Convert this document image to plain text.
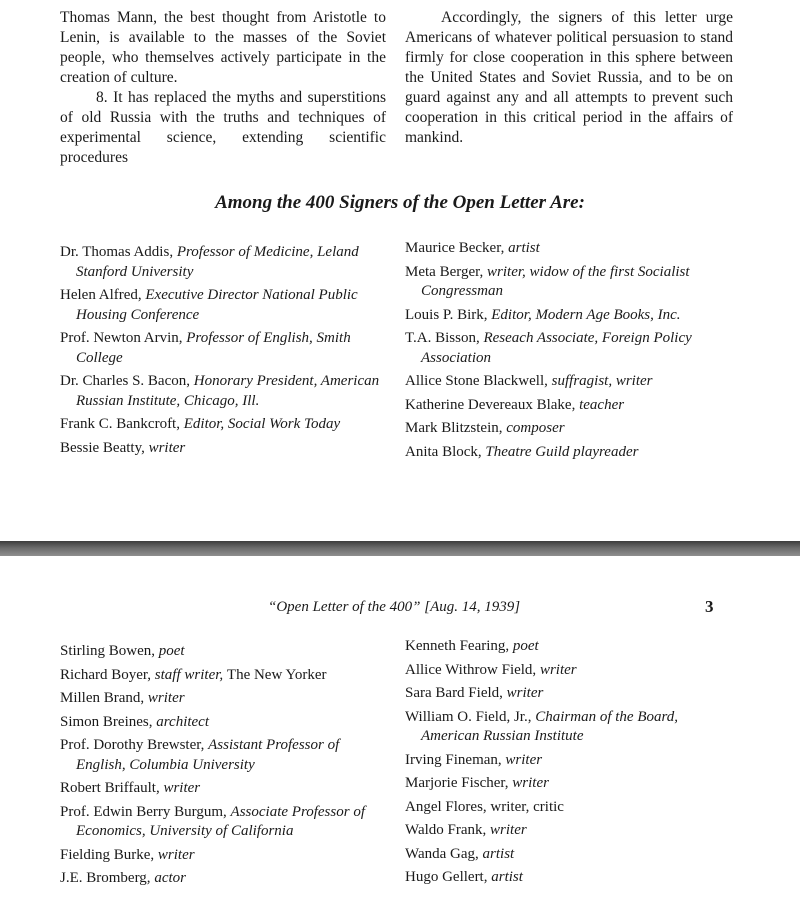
Thomas Mann, the best thought from Aristotle to Lenin, is available to the masses of the Soviet people, who themselves actively participate in the creation of culture.

8. It has replaced the myths and superstitions of old Russia with the truths and techniques of experimental science, extending scientific procedures

Accordingly, the signers of this letter urge Americans of whatever political persuasion to stand firmly for close cooperation in this sphere between the United States and Soviet Russia, and to be on guard against any and all attempts to prevent such cooperation in this critical period in the affairs of mankind.

Among the 400 Signers of the Open Letter Are:

Dr. Thomas Addis, Professor of Medicine, Leland Stanford University

Helen Alfred, Executive Director National Public Housing Conference

Prof. Newton Arvin, Professor of English, Smith College

Dr. Charles S. Bacon, Honorary President, American Russian Institute, Chicago, Ill.

Frank C. Bankcroft, Editor, Social Work Today

Bessie Beatty, writer

Maurice Becker, artist

Meta Berger, writer, widow of the first Socialist Congressman

Louis P. Birk, Editor, Modern Age Books, Inc.

T.A. Bisson, Reseach Associate, Foreign Policy Association

Allice Stone Blackwell, suffragist, writer

Katherine Devereaux Blake, teacher

Mark Blitzstein, composer

Anita Block, Theatre Guild playreader

“Open Letter of the 400” [Aug. 14, 1939]	3

Stirling Bowen, poet

Richard Boyer, staff writer, The New Yorker

Millen Brand, writer

Simon Breines, architect

Prof. Dorothy Brewster, Assistant Professor of English, Columbia University

Robert Briffault, writer

Prof. Edwin Berry Burgum, Associate Professor of Economics, University of California

Fielding Burke, writer

J.E. Bromberg, actor

Kenneth Fearing, poet

Allice Withrow Field, writer

Sara Bard Field, writer

William O. Field, Jr., Chairman of the Board, American Russian Institute

Irving Fineman, writer

Marjorie Fischer, writer

Angel Flores, writer, critic

Waldo Frank, writer

Wanda Gag, artist

Hugo Gellert, artist
